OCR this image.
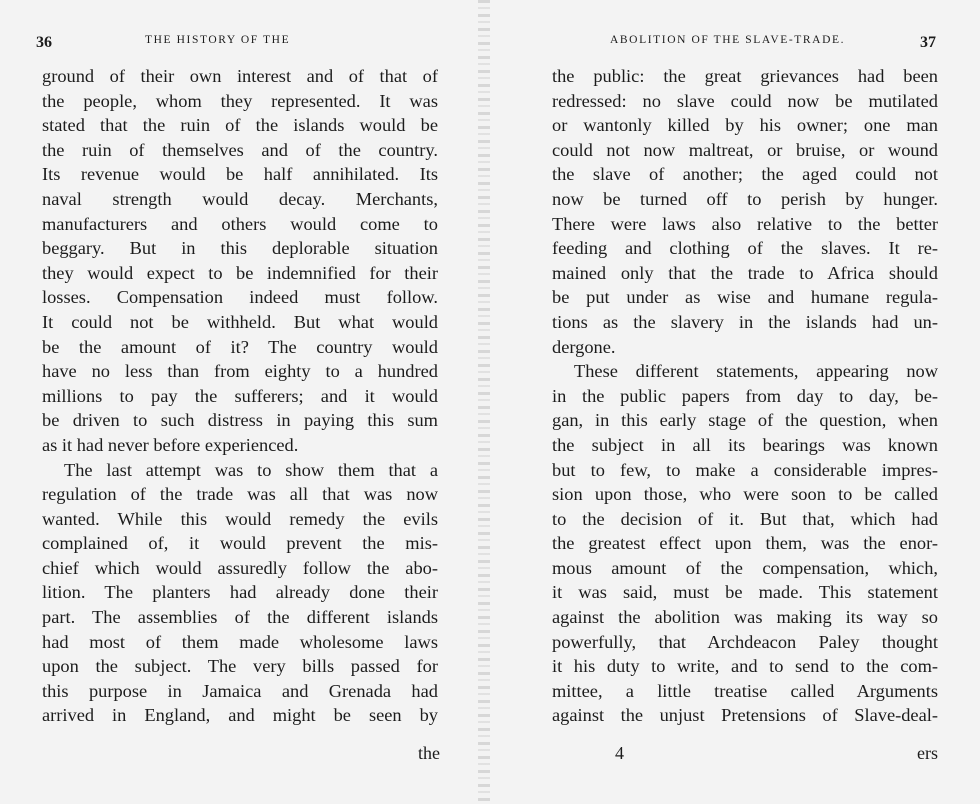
36	THE HISTORY OF THE
ground of their own interest and of that of
the people, whom they represented. It was
stated that the ruin of the islands would be
the ruin of themselves and of the country.
Its revenue would be half annihilated. Its
naval strength would decay. Merchants,
manufacturers and others would come to
beggary. But in this deplorable situation
they would expect to be indemnified for their
losses. Compensation indeed must follow.
It could not be withheld. But what would
be the amount of it? The country would
have no less than from eighty to a hundred
millions to pay the sufferers; and it would
be driven to such distress in paying this sum
as it had never before experienced.
The last attempt was to show them that a
regulation of the trade was all that was now
wanted. While this would remedy the evils
complained of, it would prevent the mis-
chief which would assuredly follow the abo-
lition. The planters had already done their
part. The assemblies of the different islands
had most of them made wholesome laws
upon the subject. The very bills passed for
this purpose in Jamaica and Grenada had
arrived in England, and might be seen by
the
ABOLITION OF THE SLAVE-TRADE.	37
the public: the great grievances had been
redressed: no slave could now be mutilated
or wantonly killed by his owner; one man
could not now maltreat, or bruise, or wound
the slave of another; the aged could not
now be turned off to perish by hunger.
There were laws also relative to the better
feeding and clothing of the slaves. It re-
mained only that the trade to Africa should
be put under as wise and humane regula-
tions as the slavery in the islands had un-
dergone.
These different statements, appearing now
in the public papers from day to day, be-
gan, in this early stage of the question, when
the subject in all its bearings was known
but to few, to make a considerable impres-
sion upon those, who were soon to be called
to the decision of it. But that, which had
the greatest effect upon them, was the enor-
mous amount of the compensation, which,
it was said, must be made. This statement
against the abolition was making its way so
powerfully, that Archdeacon Paley thought
it his duty to write, and to send to the com-
mittee, a little treatise called Arguments
against the unjust Pretensions of Slave-deal-
4	ers
